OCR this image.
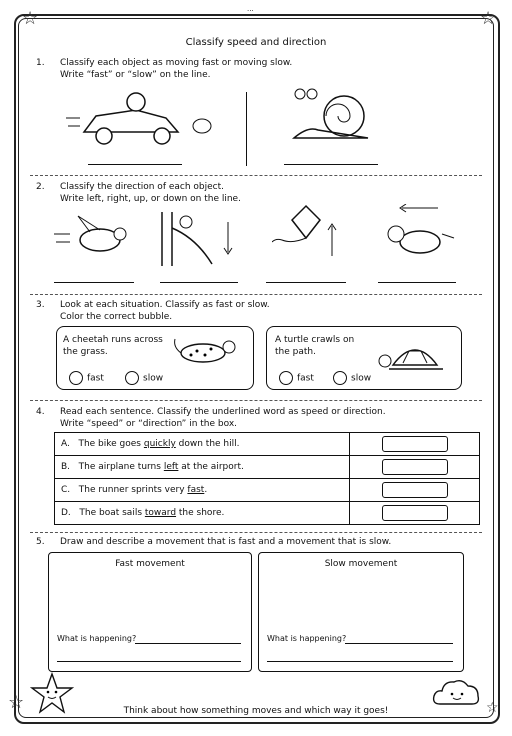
...
☆	☆
☆	☆
Classify speed and direction
1. Classify each object as moving fast or moving slow.
Write “fast” or “slow” on the line.
2. Classify the direction of each object.
Write left, right, up, or down on the line.
3. Look at each situation. Classify as fast or slow.
Color the correct bubble.
A cheetah runs across
the grass.
fast	slow
A turtle crawls on
the path.
fast	slow
4. Read each sentence. Classify the underlined word as speed or direction.
Write “speed” or “direction” in the box.
A. The bike goes quickly down the hill.	

B. The airplane turns left at the airport.	

C. The runner sprints very fast.	

D. The boat sails toward the shore.	
5. Draw and describe a movement that is fast and a movement that is slow.
Fast movement
What is happening?
Slow movement
What is happening?
Think about how something moves and which way it goes!
